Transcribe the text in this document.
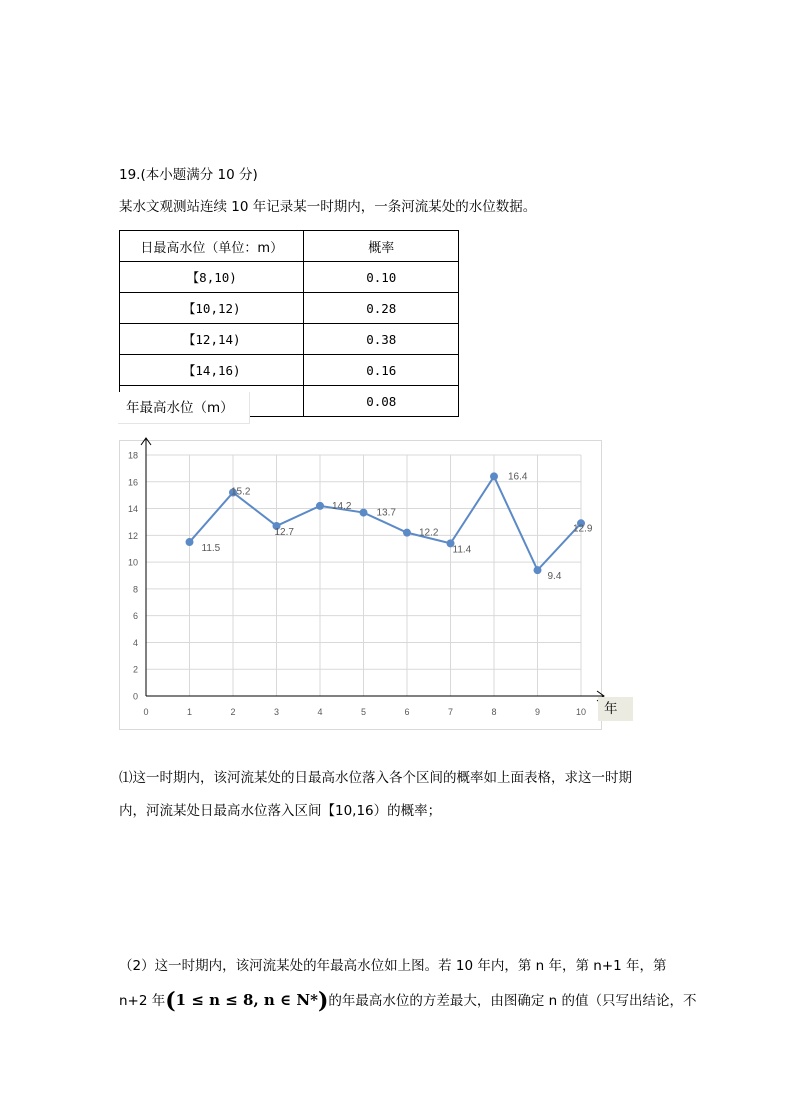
19.(本小题满分 10 分)
某水文观测站连续 10 年记录某一时期内，一条河流某处的水位数据。
日最高水位（单位：m）	概率
【8,10)	0.10
【10,12)	0.28
【12,14)	0.38
【14,16)	0.16
	0.08
年最高水位（m）
0
2
4
6
8
10
12
14
16
18
0	1	2	3	4	5	6	7	8	9	10
11.5
15.2
12.7
14.2
13.7
12.2
11.4
16.4
9.4
12.9
年
⑴这一时期内，该河流某处的日最高水位落入各个区间的概率如上面表格，求这一时期
内，河流某处日最高水位落入区间【10,16）的概率；
（2）这一时期内，该河流某处的年最高水位如上图。若 10 年内，第 n 年，第 n+1 年，第
n+2 年(1 ≤ n ≤ 8, n ∈ N*)的年最高水位的方差最大，由图确定 n 的值（只写出结论，不
